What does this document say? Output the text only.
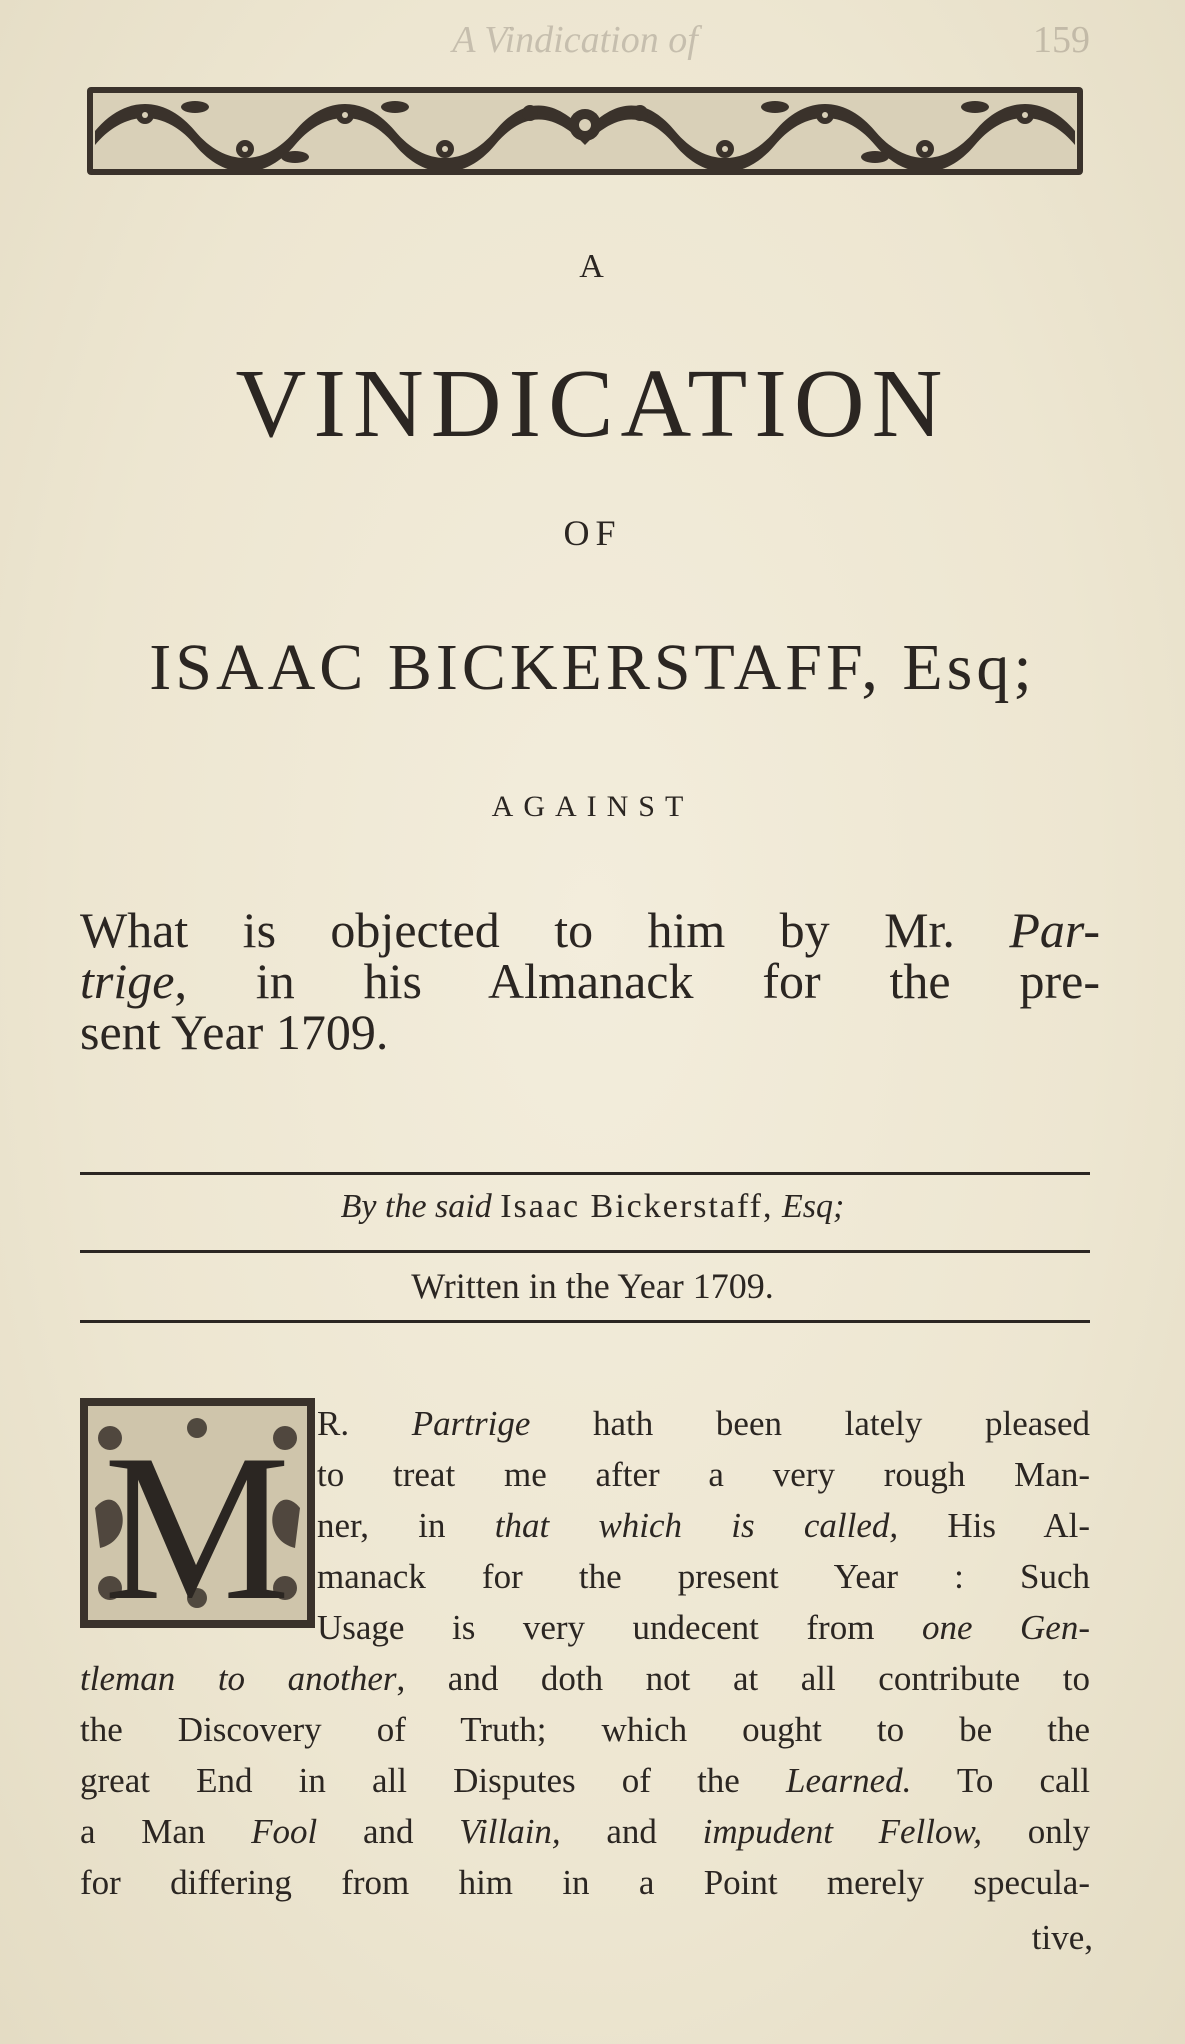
A Vindication of	159
A
VINDICATION
OF
ISAAC BICKERSTAFF, Esq;
AGAINST
What is objected to him by Mr. Par-
trige, in his Almanack for the pre-
sent Year 1709.
By the said Isaac Bickerstaff, Esq;
Written in the Year 1709.
M R. Partrige hath been lately pleased
to treat me after a very rough Man-
ner, in that which is called, His Al-
manack for the present Year : Such
Usage is very undecent from one Gen-
tleman to another, and doth not at all contribute to
the Discovery of Truth; which ought to be the
great End in all Disputes of the Learned. To call
a Man Fool and Villain, and impudent Fellow, only
for differing from him in a Point merely specula-
tive,
